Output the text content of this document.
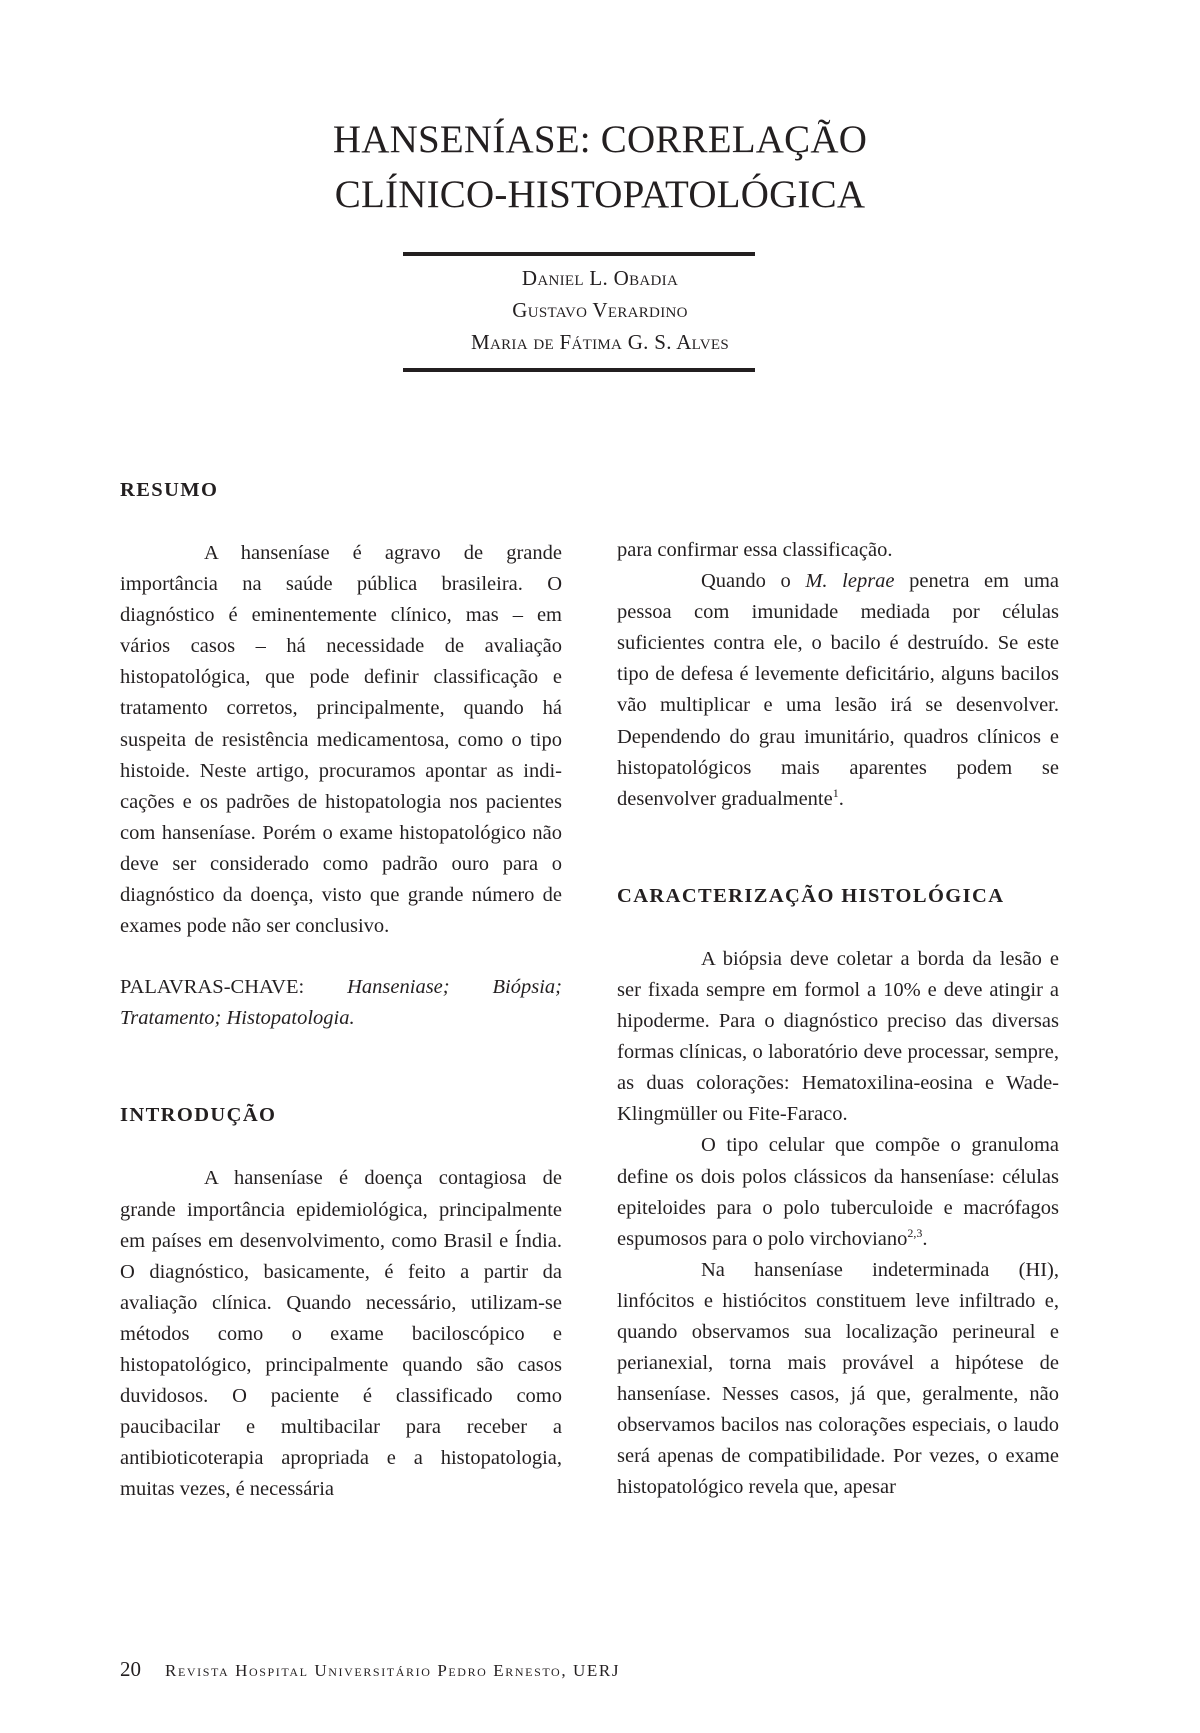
HANSENÍASE: CORRELAÇÃO
CLÍNICO-HISTOPATOLÓGICA
Daniel L. Obadia
Gustavo Verardino
Maria de Fátima G. S. Alves
RESUMO

A hanseníase é agravo de grande importância na saúde pública brasileira. O diagnóstico é eminentemente clínico, mas – em vários casos – há necessidade de avaliação histopatológica, que pode definir classificação e tratamento corretos, principalmente, quando há suspeita de resistência medicamentosa, como o tipo histoide. Neste artigo, procuramos apontar as indicações e os padrões de histopatologia nos pacientes com hanseníase. Porém o exame histopatológico não deve ser considerado como padrão ouro para o diagnóstico da doença, visto que grande número de exames pode não ser conclusivo.

PALAVRAS-CHAVE: Hanseniase; Biópsia; Tratamento; Histopatologia.

INTRODUÇÃO

A hanseníase é doença contagiosa de grande importância epidemiológica, principalmente em países em desenvolvimento, como Brasil e Índia. O diagnóstico, basicamente, é feito a partir da avaliação clínica. Quando necessário, utilizam-se métodos como o exame baciloscópico e histopatológico, principalmente quando são casos duvidosos. O paciente é classificado como paucibacilar e multibacilar para receber a antibioticoterapia apropriada e a histopatologia, muitas vezes, é necessária

para confirmar essa classificação.

Quando o M. leprae penetra em uma pessoa com imunidade mediada por células suficientes contra ele, o bacilo é destruído. Se este tipo de defesa é levemente deficitário, alguns bacilos vão multiplicar e uma lesão irá se desenvolver. Dependendo do grau imunitário, quadros clínicos e histopatológicos mais aparentes podem se desenvolver gradualmente$^1$.

CARACTERIZAÇÃO HISTOLÓGICA

A biópsia deve coletar a borda da lesão e ser fixada sempre em formol a 10% e deve atingir a hipoderme. Para o diagnóstico preciso das diversas formas clínicas, o laboratório deve processar, sempre, as duas colorações: Hematoxilina-eosina e Wade-Klingmüller ou Fite-Faraco.

O tipo celular que compõe o granuloma define os dois polos clássicos da hanseníase: células epiteloides para o polo tuberculoide e macrófagos espumosos para o polo virchoviano$^{2,3}$.

Na hanseníase indeterminada (HI), linfócitos e histiócitos constituem leve infiltrado e, quando observamos sua localização perineural e perianexial, torna mais provável a hipótese de hanseníase. Nesses casos, já que, geralmente, não observamos bacilos nas colorações especiais, o laudo será apenas de compatibilidade. Por vezes, o exame histopatológico revela que, apesar

20 Revista Hospital Universitário Pedro Ernesto, UERJ
